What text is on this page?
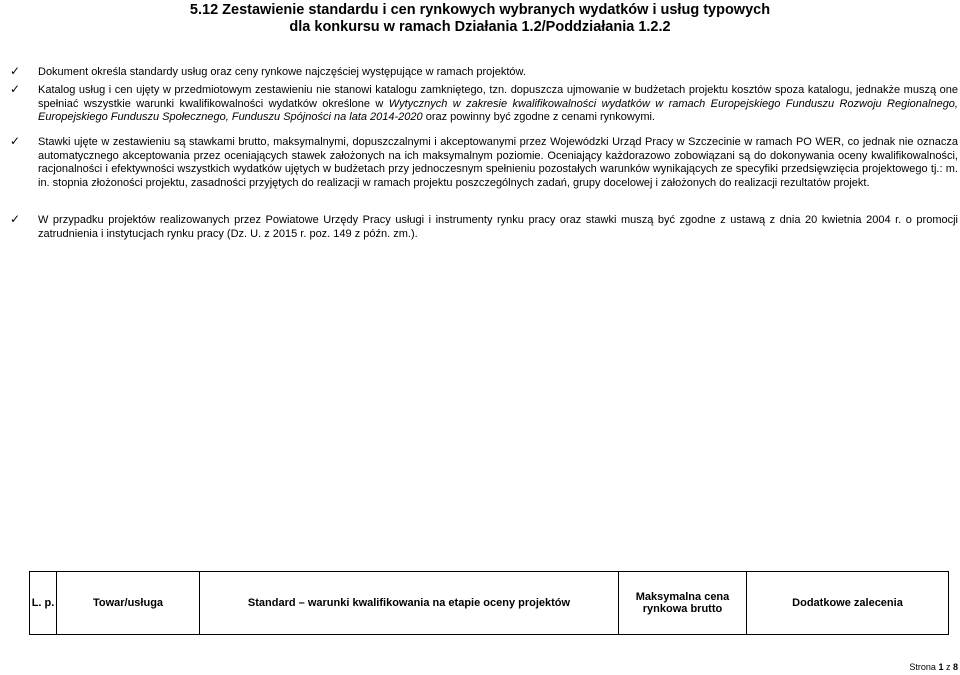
5.12 Zestawienie standardu i cen rynkowych wybranych wydatków i usług typowych
dla konkursu w ramach Działania 1.2/Poddziałania 1.2.2
✓ Dokument określa standardy usług oraz ceny rynkowe najczęściej występujące w ramach projektów.
✓ Katalog usług i cen ujęty w przedmiotowym zestawieniu nie stanowi katalogu zamkniętego, tzn. dopuszcza ujmowanie w budżetach projektu kosztów spoza katalogu, jednakże muszą one spełniać wszystkie warunki kwalifikowalności wydatków określone w Wytycznych w zakresie kwalifikowalności wydatków w ramach Europejskiego Funduszu Rozwoju Regionalnego, Europejskiego Funduszu Społecznego, Funduszu Spójności na lata 2014-2020 oraz powinny być zgodne z cenami rynkowymi.
✓ Stawki ujęte w zestawieniu są stawkami brutto, maksymalnymi, dopuszczalnymi i akceptowanymi przez Wojewódzki Urząd Pracy w Szczecinie w ramach PO WER, co jednak nie oznacza automatycznego akceptowania przez oceniających stawek założonych na ich maksymalnym poziomie. Oceniający każdorazowo zobowiązani są do dokonywania oceny kwalifikowalności, racjonalności i efektywności wszystkich wydatków ujętych w budżetach przy jednoczesnym spełnieniu pozostałych warunków wynikających ze specyfiki przedsięwzięcia projektowego tj.: m. in. stopnia złożoności projektu, zasadności przyjętych do realizacji w ramach projektu poszczególnych zadań, grupy docelowej i założonych do realizacji rezultatów projekt.
✓ W przypadku projektów realizowanych przez Powiatowe Urzędy Pracy usługi i instrumenty rynku pracy oraz stawki muszą być zgodne z ustawą z dnia 20 kwietnia 2004 r. o promocji zatrudnienia i instytucjach rynku pracy (Dz. U. z 2015 r. poz. 149 z późn. zm.).
L. p.	Towar/usługa	Standard – warunki kwalifikowania na etapie oceny projektów	Maksymalna cena rynkowa brutto	Dodatkowe zalecenia
Strona 1 z 8
